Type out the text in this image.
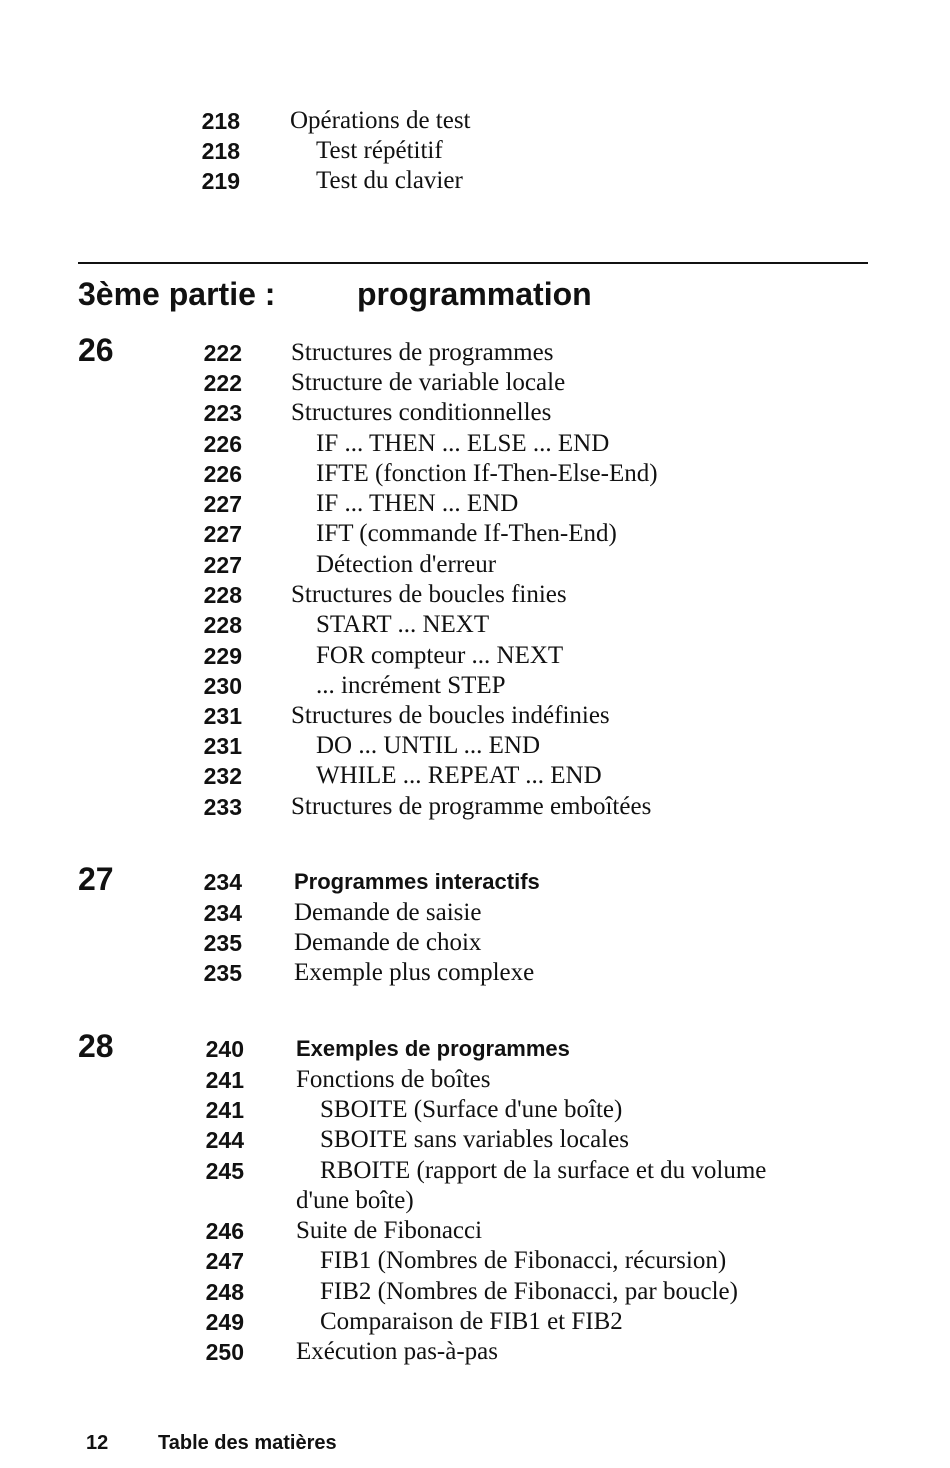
218 Opérations de test
218	Test répétitif
219	Test du clavier
3ème partie :	programmation
26	222 Structures de programmes
222 Structure de variable locale
223 Structures conditionnelles
226	IF ... THEN ... ELSE ... END
226	IFTE (fonction If-Then-Else-End)
227	IF ... THEN ... END
227	IFT (commande If-Then-End)
227	Détection d'erreur
228 Structures de boucles finies
228	START ... NEXT
229	FOR compteur ... NEXT
230	... incrément STEP
231 Structures de boucles indéfinies
231	DO ... UNTIL ... END
232	WHILE ... REPEAT ... END
233 Structures de programme emboîtées
27	234 Programmes interactifs
234 Demande de saisie
235 Demande de choix
235 Exemple plus complexe
28	240 Exemples de programmes
241 Fonctions de boîtes
241	SBOITE (Surface d'une boîte)
244	SBOITE sans variables locales
245	RBOITE (rapport de la surface et du volume
d'une boîte)
246 Suite de Fibonacci
247	FIB1 (Nombres de Fibonacci, récursion)
248	FIB2 (Nombres de Fibonacci, par boucle)
249	Comparaison de FIB1 et FIB2
250 Exécution pas-à-pas
12 Table des matières
